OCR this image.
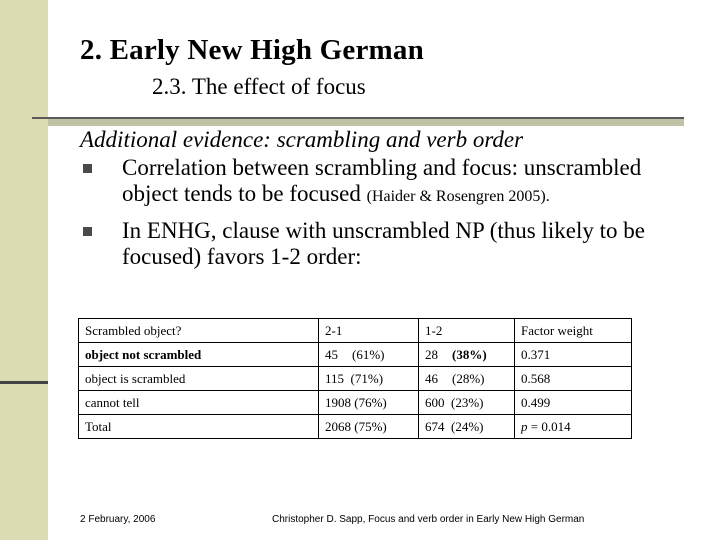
2. Early New High German
2.3. The effect of focus
Additional evidence: scrambling and verb order
Correlation between scrambling and focus: unscrambled object tends to be focused (Haider & Rosengren 2005).
In ENHG, clause with unscrambled NP (thus likely to be focused) favors 1-2 order:
Scrambled object?	2-1	1-2	Factor weight
object not scrambled	45 (61%)	28 (38%)	0.371
object is scrambled	115 (71%)	46 (28%)	0.568
cannot tell	1908 (76%)	600 (23%)	0.499
Total	2068 (75%)	674 (24%)	p = 0.014
2 February, 2006	Christopher D. Sapp, Focus and verb order in Early New High German
